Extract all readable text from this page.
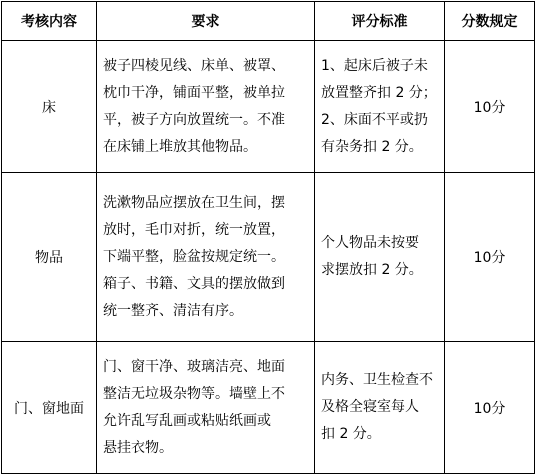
考核内容	要求	评分标准	分数规定
床	被子四棱见线、床单、被罩、
枕巾干净，铺面平整，被单拉
平，被子方向放置统一。不准
在床铺上堆放其他物品。	1、起床后被子未
放置整齐扣 2 分；
2、床面不平或扔
有杂务扣 2 分。	10分
物品	洗漱物品应摆放在卫生间，摆
放时，毛巾对折，统一放置，
下端平整，脸盆按规定统一。
箱子、书籍、文具的摆放做到
统一整齐、清洁有序。	个人物品未按要
求摆放扣 2 分。	10分
门、窗地面	门、窗干净、玻璃洁亮、地面
整洁无垃圾杂物等。墙壁上不
允许乱写乱画或粘贴纸画或
悬挂衣物。	内务、卫生检查不
及格全寝室每人
扣 2 分。	10分
